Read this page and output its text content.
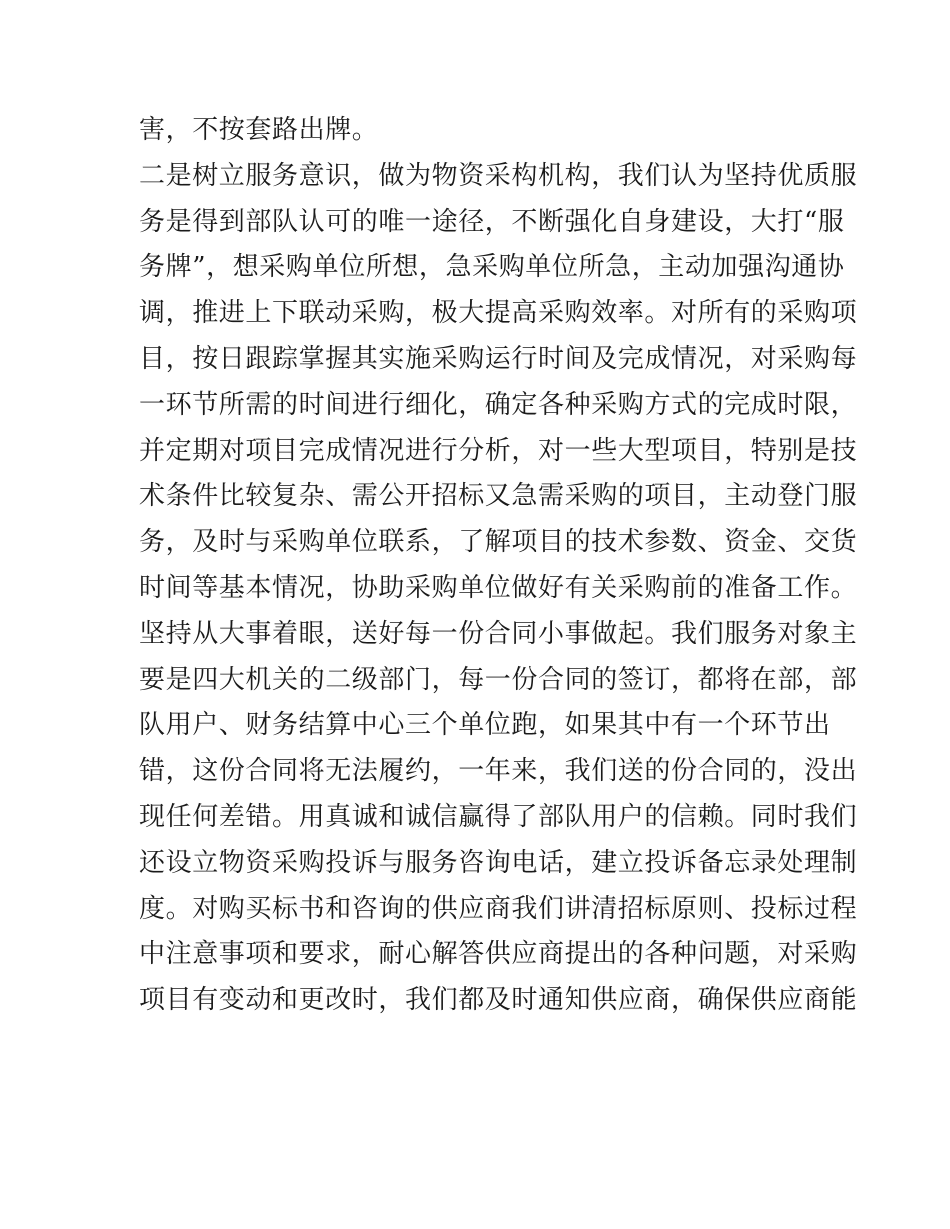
害，不按套路出牌。
二是树立服务意识，做为物资采构机构，我们认为坚持优质服
务是得到部队认可的唯一途径，不断强化自身建设，大打“服
务牌”，想采购单位所想，急采购单位所急，主动加强沟通协
调，推进上下联动采购，极大提高采购效率。对所有的采购项
目，按日跟踪掌握其实施采购运行时间及完成情况，对采购每
一环节所需的时间进行细化，确定各种采购方式的完成时限，
并定期对项目完成情况进行分析，对一些大型项目，特别是技
术条件比较复杂、需公开招标又急需采购的项目，主动登门服
务，及时与采购单位联系，了解项目的技术参数、资金、交货
时间等基本情况，协助采购单位做好有关采购前的准备工作。
坚持从大事着眼，送好每一份合同小事做起。我们服务对象主
要是四大机关的二级部门，每一份合同的签订，都将在部，部
队用户、财务结算中心三个单位跑，如果其中有一个环节出
错，这份合同将无法履约，一年来，我们送的份合同的，没出
现任何差错。用真诚和诚信赢得了部队用户的信赖。同时我们
还设立物资采购投诉与服务咨询电话，建立投诉备忘录处理制
度。对购买标书和咨询的供应商我们讲清招标原则、投标过程
中注意事项和要求，耐心解答供应商提出的各种问题，对采购
项目有变动和更改时，我们都及时通知供应商，确保供应商能
